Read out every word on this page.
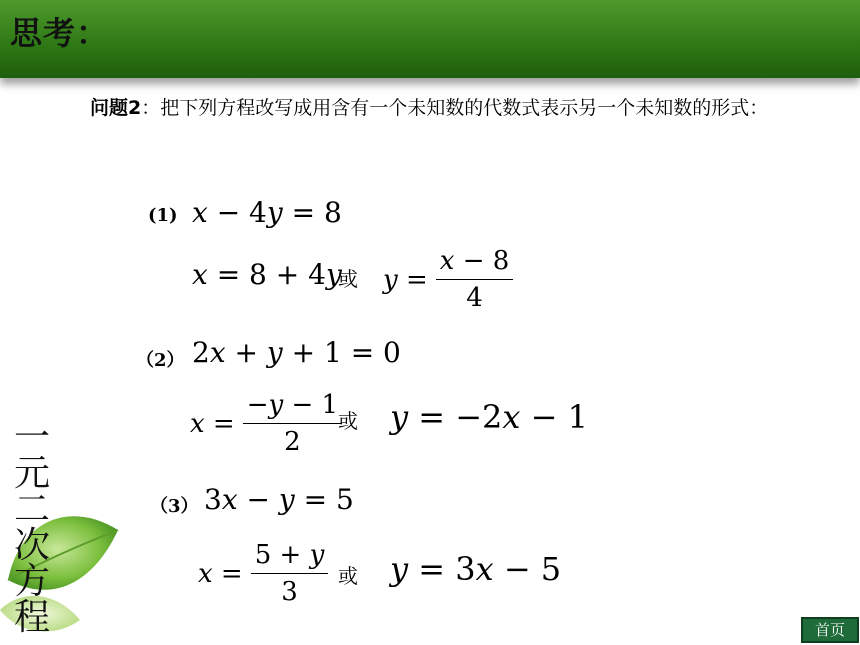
思考：
问题2：把下列方程改写成用含有一个未知数的代数式表示另一个未知数的形式：
(1) x − 4y = 8
x = 8 + 4y
或 y =
x − 8
4
（2） 2x + y + 1 = 0
x =
−y − 1
2
或 y = −2x − 1
（3） 3x − y = 5
x =
5 + y
3
或 y = 3x − 5
一
元
二
次
方
程	首页
